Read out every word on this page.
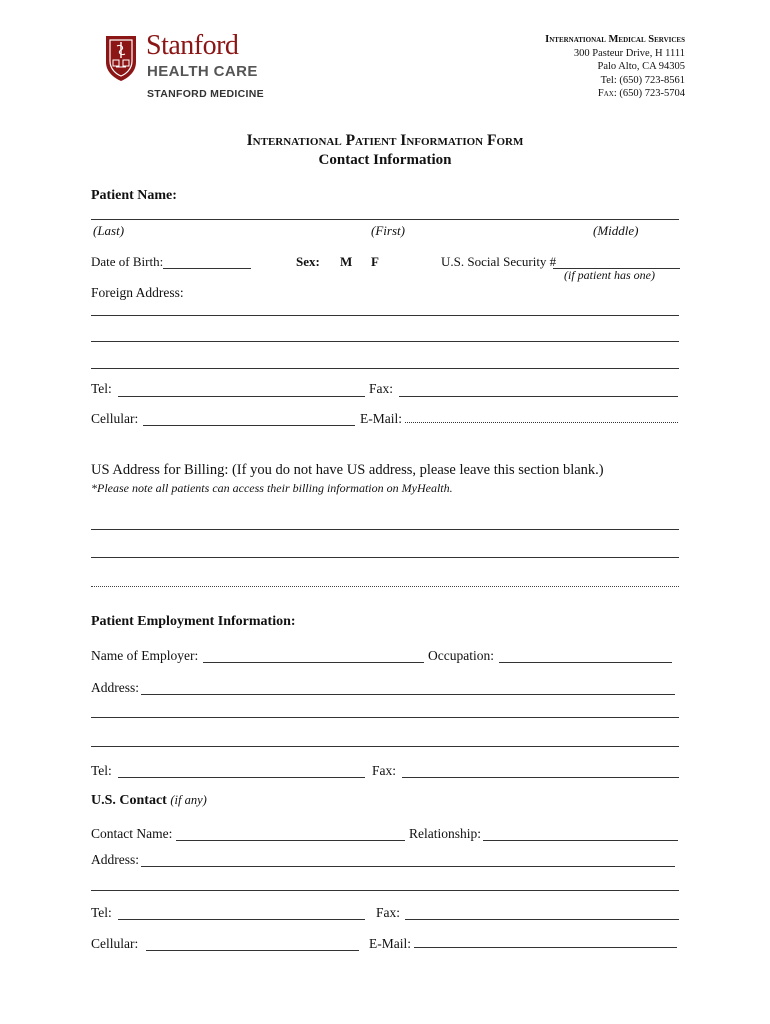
Stanford
HEALTH CARE
STANFORD MEDICINE
International Medical Services
300 Pasteur Drive, H 1111
Palo Alto, CA 94305
Tel: (650) 723-8561
Fax: (650) 723-5704
International Patient Information Form
Contact Information
Patient Name:
(Last)	(First)	(Middle)
Date of Birth:	Sex: M F	U.S. Social Security #
(if patient has one)
Foreign Address:
Tel:	Fax:
Cellular:	E-Mail:
US Address for Billing: (If you do not have US address, please leave this section blank.)
*Please note all patients can access their billing information on MyHealth.
Patient Employment Information:
Name of Employer:	Occupation:
Address:
Tel:	Fax:
U.S. Contact (if any)
Contact Name:	Relationship:
Address:
Tel:	Fax:
Cellular:	E-Mail:
